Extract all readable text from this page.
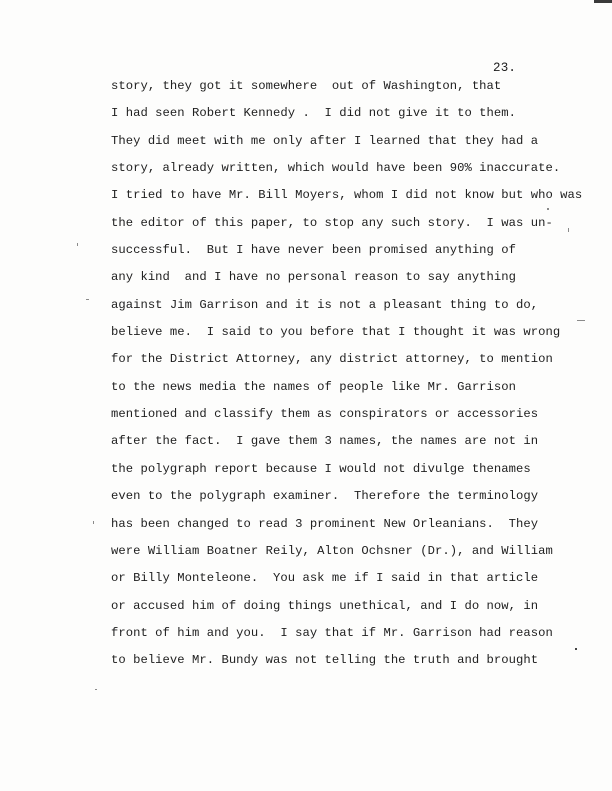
23.
story, they got it somewhere  out of Washington, that
I had seen Robert Kennedy .  I did not give it to them.
They did meet with me only after I learned that they had a
story, already written, which would have been 90% inaccurate.
I tried to have Mr. Bill Moyers, whom I did not know but who was
the editor of this paper, to stop any such story.  I was un-
successful.  But I have never been promised anything of
any kind  and I have no personal reason to say anything
against Jim Garrison and it is not a pleasant thing to do,
believe me.  I said to you before that I thought it was wrong
for the District Attorney, any district attorney, to mention
to the news media the names of people like Mr. Garrison
mentioned and classify them as conspirators or accessories
after the fact.  I gave them 3 names, the names are not in
the polygraph report because I would not divulge thenames
even to the polygraph examiner.  Therefore the terminology
has been changed to read 3 prominent New Orleanians.  They
were William Boatner Reily, Alton Ochsner (Dr.), and William
or Billy Monteleone.  You ask me if I said in that article
or accused him of doing things unethical, and I do now, in
front of him and you.  I say that if Mr. Garrison had reason
to believe Mr. Bundy was not telling the truth and brought
